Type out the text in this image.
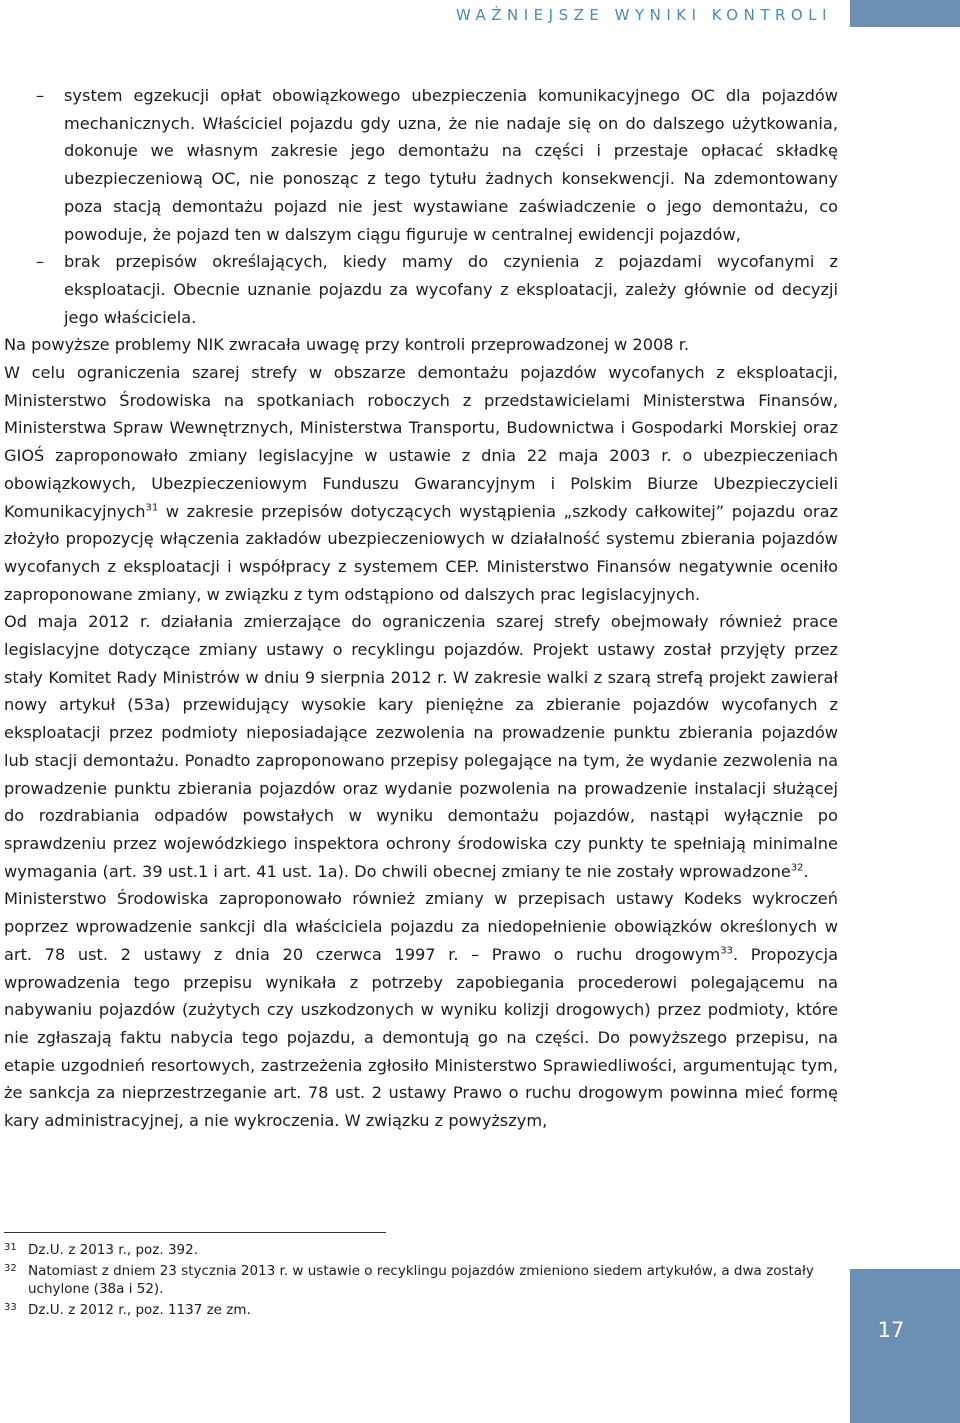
WAŻNIEJSZE WYNIKI KONTROLI
– system egzekucji opłat obowiązkowego ubezpieczenia komunikacyjnego OC dla pojazdów mechanicznych. Właściciel pojazdu gdy uzna, że nie nadaje się on do dalszego użytkowania, dokonuje we własnym zakresie jego demontażu na części i przestaje opłacać składkę ubezpieczeniową OC, nie ponosząc z tego tytułu żadnych konsekwencji. Na zdemontowany poza stacją demontażu pojazd nie jest wystawiane zaświadczenie o jego demontażu, co powoduje, że pojazd ten w dalszym ciągu figuruje w centralnej ewidencji pojazdów,
– brak przepisów określających, kiedy mamy do czynienia z pojazdami wycofanymi z eksploatacji. Obecnie uznanie pojazdu za wycofany z eksploatacji, zależy głównie od decyzji jego właściciela.

Na powyższe problemy NIK zwracała uwagę przy kontroli przeprowadzonej w 2008 r.

W celu ograniczenia szarej strefy w obszarze demontażu pojazdów wycofanych z eksploatacji, Ministerstwo Środowiska na spotkaniach roboczych z przedstawicielami Ministerstwa Finansów, Ministerstwa Spraw Wewnętrznych, Ministerstwa Transportu, Budownictwa i Gospodarki Morskiej oraz GIOŚ zaproponowało zmiany legislacyjne w ustawie z dnia 22 maja 2003 r. o ubezpieczeniach obowiązkowych, Ubezpieczeniowym Funduszu Gwarancyjnym i Polskim Biurze Ubezpieczycieli Komunikacyjnych$^{31}$ w zakresie przepisów dotyczących wystąpienia „szkody całkowitej” pojazdu oraz złożyło propozycję włączenia zakładów ubezpieczeniowych w działalność systemu zbierania pojazdów wycofanych z eksploatacji i współpracy z systemem CEP. Ministerstwo Finansów negatywnie oceniło zaproponowane zmiany, w związku z tym odstąpiono od dalszych prac legislacyjnych.

Od maja 2012 r. działania zmierzające do ograniczenia szarej strefy obejmowały również prace legislacyjne dotyczące zmiany ustawy o recyklingu pojazdów. Projekt ustawy został przyjęty przez stały Komitet Rady Ministrów w dniu 9 sierpnia 2012 r. W zakresie walki z szarą strefą projekt zawierał nowy artykuł (53a) przewidujący wysokie kary pieniężne za zbieranie pojazdów wycofanych z eksploatacji przez podmioty nieposiadające zezwolenia na prowadzenie punktu zbierania pojazdów lub stacji demontażu. Ponadto zaproponowano przepisy polegające na tym, że wydanie zezwolenia na prowadzenie punktu zbierania pojazdów oraz wydanie pozwolenia na prowadzenie instalacji służącej do rozdrabiania odpadów powstałych w wyniku demontażu pojazdów, nastąpi wyłącznie po sprawdzeniu przez wojewódzkiego inspektora ochrony środowiska czy punkty te spełniają minimalne wymagania (art. 39 ust.1 i art. 41 ust. 1a). Do chwili obecnej zmiany te nie zostały wprowadzone$^{32}$.

Ministerstwo Środowiska zaproponowało również zmiany w przepisach ustawy Kodeks wykroczeń poprzez wprowadzenie sankcji dla właściciela pojazdu za niedopełnienie obowiązków określonych w art. 78 ust. 2 ustawy z dnia 20 czerwca 1997 r. – Prawo o ruchu drogowym$^{33}$. Propozycja wprowadzenia tego przepisu wynikała z potrzeby zapobiegania procederowi polegającemu na nabywaniu pojazdów (zużytych czy uszkodzonych w wyniku kolizji drogowych) przez podmioty, które nie zgłaszają faktu nabycia tego pojazdu, a demontują go na części. Do powyższego przepisu, na etapie uzgodnień resortowych, zastrzeżenia zgłosiło Ministerstwo Sprawiedliwości, argumentując tym, że sankcja za nieprzestrzeganie art. 78 ust. 2 ustawy Prawo o ruchu drogowym powinna mieć formę kary administracyjnej, a nie wykroczenia. W związku z powyższym,

31 Dz.U. z 2013 r., poz. 392.
32 Natomiast z dniem 23 stycznia 2013 r. w ustawie o recyklingu pojazdów zmieniono siedem artykułów, a dwa zostały uchylone (38a i 52).
33 Dz.U. z 2012 r., poz. 1137 ze zm.
17
